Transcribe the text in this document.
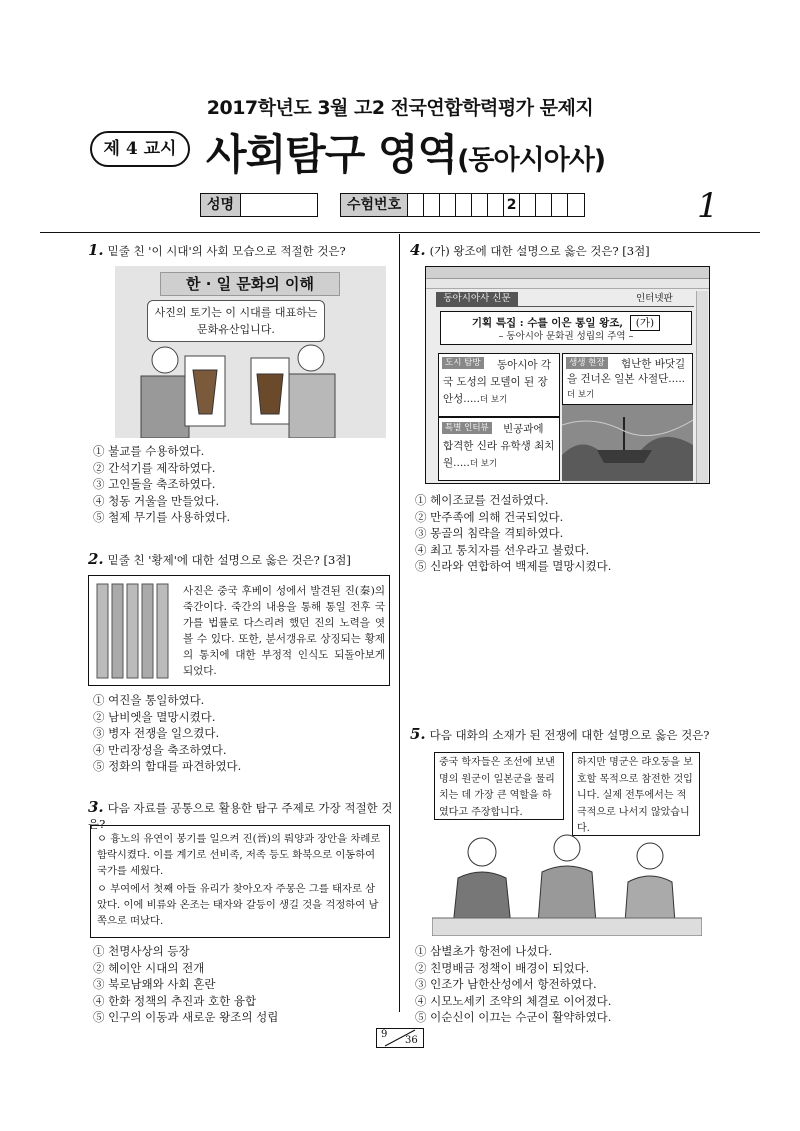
2017학년도 3월 고2 전국연합학력평가 문제지
제 4 교시 사회탐구 영역(동아시아사)
성명	수험번호	2	1
1. 밑줄 친 '이 시대'의 사회 모습으로 적절한 것은?
한 · 일 문화의 이해
사진의 토기는 이 시대를 대표하는 문화유산입니다.
① 불교를 수용하였다.
② 간석기를 제작하였다.
③ 고인돌을 축조하였다.
④ 청동 거울을 만들었다.
⑤ 철제 무기를 사용하였다.
2. 밑줄 친 '황제'에 대한 설명으로 옳은 것은? [3점]
사진은 중국 후베이 성에서 발견된 진(秦)의 죽간이다. 죽간의 내용을 통해 통일 전후 국가를 법률로 다스리려 했던 진의 노력을 엿볼 수 있다. 또한, 분서갱유로 상징되는 황제의 통치에 대한 부정적 인식도 되돌아보게 되었다.
① 여진을 통일하였다.
② 남비엣을 멸망시켰다.
③ 병자 전쟁을 일으켰다.
④ 만리장성을 축조하였다.
⑤ 정화의 함대를 파견하였다.
3. 다음 자료를 공통으로 활용한 탐구 주제로 가장 적절한 것은?
ㅇ 흉노의 유연이 봉기를 일으켜 진(晉)의 뤄양과 장안을 차례로 함락시켰다. 이를 계기로 선비족, 저족 등도 화북으로 이동하여 국가를 세웠다.
ㅇ 부여에서 첫째 아들 유리가 찾아오자 주몽은 그를 태자로 삼았다. 이에 비류와 온조는 태자와 갈등이 생길 것을 걱정하여 남쪽으로 떠났다.
① 천명사상의 등장
② 헤이안 시대의 전개
③ 북로남왜와 사회 혼란
④ 한화 정책의 추진과 호한 융합
⑤ 인구의 이동과 새로운 왕조의 성립
4. (가) 왕조에 대한 설명으로 옳은 것은? [3점]
동아시아사 신문	인터넷판
기획 특집 : 수를 이은 통일 왕조, (가)
– 동아시아 문화권 성립의 주역 –
도시 탐방	동아시아 각국 도성의 모델이 된 장안성.....더 보기
생생 현장	험난한 바닷길을 건너온 일본 사절단.....더 보기
특별 인터뷰	빈공과에 합격한 신라 유학생 최치원.....더 보기
① 헤이조쿄를 건설하였다.
② 만주족에 의해 건국되었다.
③ 몽골의 침략을 격퇴하였다.
④ 최고 통치자를 선우라고 불렀다.
⑤ 신라와 연합하여 백제를 멸망시켰다.
5. 다음 대화의 소재가 된 전쟁에 대한 설명으로 옳은 것은?
중국 학자들은 조선에 보낸 명의 원군이 일본군을 물리치는 데 가장 큰 역할을 하였다고 주장합니다.
하지만 명군은 랴오둥을 보호할 목적으로 참전한 것입니다. 실제 전투에서는 적극적으로 나서지 않았습니다.
① 삼별초가 항전에 나섰다.
② 친명배금 정책이 배경이 되었다.
③ 인조가 남한산성에서 항전하였다.
④ 시모노세키 조약의 체결로 이어졌다.
⑤ 이순신이 이끄는 수군이 활약하였다.
9
36
